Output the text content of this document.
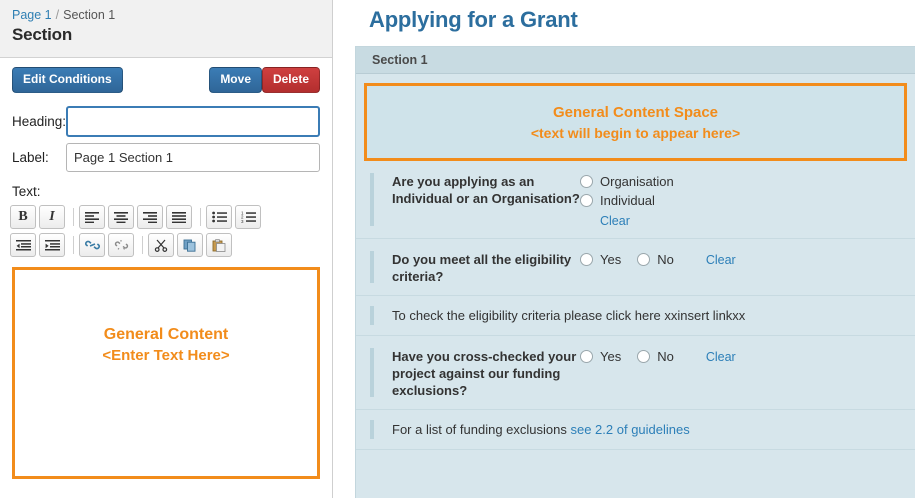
Page 1 / Section 1
Section
Edit Conditions	Move	Delete
Heading:
Label:
Page 1 Section 1
Text:
B I	1
2
3
General Content
<Enter Text Here>
Applying for a Grant
Section 1
General Content Space
<text will begin to appear here>
Are you applying as an Individual or an Organisation?
Organisation
Individual
Clear
Do you meet all the eligibility criteria?
Yes	No	Clear
To check the eligibility criteria please click here xxinsert linkxx
Have you cross-checked your project against our funding exclusions?
Yes	No	Clear
For a list of funding exclusions see 2.2 of guidelines
